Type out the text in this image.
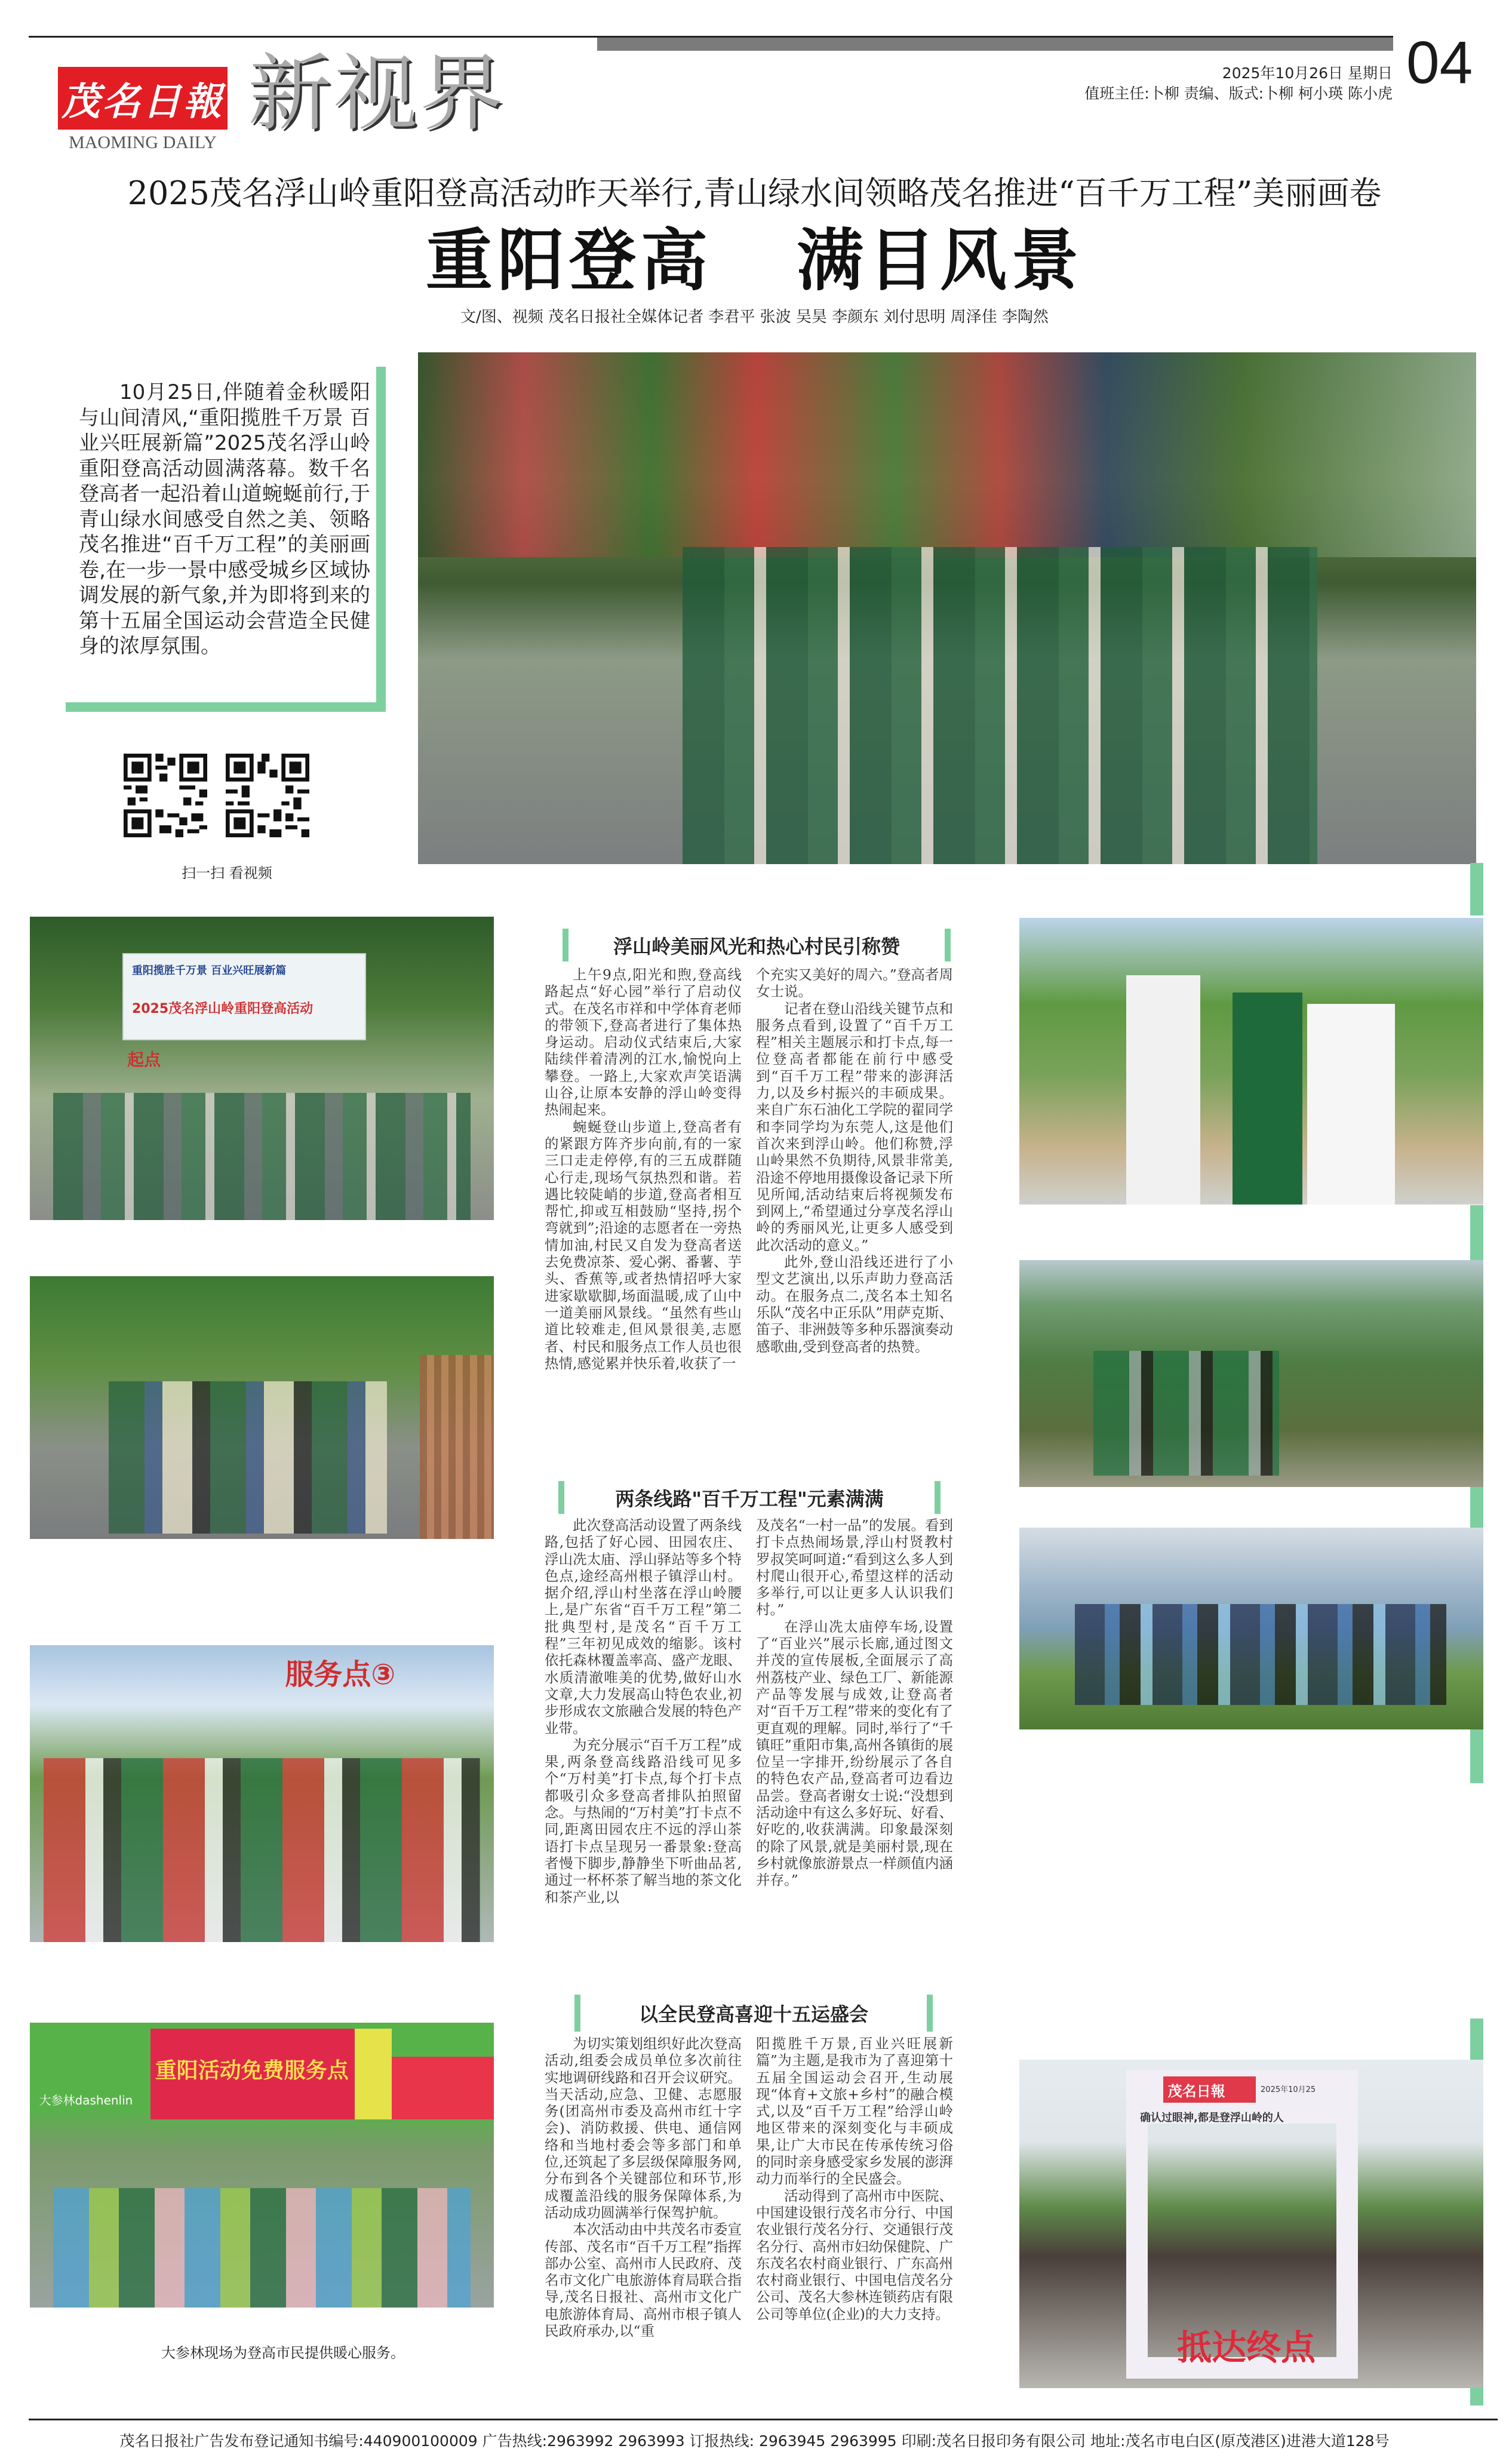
茂名日報
MAOMING DAILY 新视界	2025年10月26日 星期日
值班主任:卜柳 责编、版式:卜柳 柯小瑛 陈小虎 04
2025茂名浮山岭重阳登高活动昨天举行,青山绿水间领略茂名推进“百千万工程”美丽画卷
重阳登高   满目风景
文/图、视频 茂名日报社全媒体记者 李君平 张波 吴昊 李颜东 刘付思明 周泽佳 李陶然
10月25日,伴随着金秋暖阳与山间清风,“重阳揽胜千万景 百业兴旺展新篇”2025茂名浮山岭重阳登高活动圆满落幕。数千名登高者一起沿着山道蜿蜒前行,于青山绿水间感受自然之美、领略茂名推进“百千万工程”的美丽画卷,在一步一景中感受城乡区域协调发展的新气象,并为即将到来的第十五届全国运动会营造全民健身的浓厚氛围。
扫一扫 看视频
重阳揽胜千万景 百业兴旺展新篇
2025茂名浮山岭重阳登高活动
起点
服务点③
大参林dashenlin
重阳活动免费服务点
大参林现场为登高市民提供暖心服务。
茂名日報	2025年10月25
确认过眼神,都是登浮山岭的人
抵达终点
浮山岭美丽风光和热心村民引称赞

上午9点,阳光和煦,登高线路起点“好心园”举行了启动仪式。在茂名市祥和中学体育老师的带领下,登高者进行了集体热身运动。启动仪式结束后,大家陆续伴着清冽的江水,愉悦向上攀登。一路上,大家欢声笑语满山谷,让原本安静的浮山岭变得热闹起来。

蜿蜒登山步道上,登高者有的紧跟方阵齐步向前,有的一家三口走走停停,有的三五成群随心行走,现场气氛热烈和谐。若遇比较陡峭的步道,登高者相互帮忙,抑或互相鼓励“坚持,拐个弯就到”;沿途的志愿者在一旁热情加油,村民又自发为登高者送去免费凉茶、爱心粥、番薯、芋头、香蕉等,或者热情招呼大家进家歇歇脚,场面温暖,成了山中一道美丽风景线。“虽然有些山道比较难走,但风景很美,志愿者、村民和服务点工作人员也很热情,感觉累并快乐着,收获了一

个充实又美好的周六。”登高者周女士说。

记者在登山沿线关键节点和服务点看到,设置了“百千万工程”相关主题展示和打卡点,每一位登高者都能在前行中感受到“百千万工程”带来的澎湃活力,以及乡村振兴的丰硕成果。来自广东石油化工学院的翟同学和李同学均为东莞人,这是他们首次来到浮山岭。他们称赞,浮山岭果然不负期待,风景非常美,沿途不停地用摄像设备记录下所见所闻,活动结束后将视频发布到网上,“希望通过分享茂名浮山岭的秀丽风光,让更多人感受到此次活动的意义。”

此外,登山沿线还进行了小型文艺演出,以乐声助力登高活动。在服务点二,茂名本土知名乐队“茂名中正乐队”用萨克斯、笛子、非洲鼓等多种乐器演奏动感歌曲,受到登高者的热赞。

两条线路"百千万工程"元素满满

此次登高活动设置了两条线路,包括了好心园、田园农庄、浮山冼太庙、浮山驿站等多个特色点,途经高州根子镇浮山村。据介绍,浮山村坐落在浮山岭腰上,是广东省“百千万工程”第二批典型村,是茂名“百千万工程”三年初见成效的缩影。该村依托森林覆盖率高、盛产龙眼、水质清澈唯美的优势,做好山水文章,大力发展高山特色农业,初步形成农文旅融合发展的特色产业带。

为充分展示“百千万工程”成果,两条登高线路沿线可见多个“万村美”打卡点,每个打卡点都吸引众多登高者排队拍照留念。与热闹的“万村美”打卡点不同,距离田园农庄不远的浮山茶语打卡点呈现另一番景象:登高者慢下脚步,静静坐下听曲品茗,通过一杯杯茶了解当地的茶文化和茶产业,以

及茂名“一村一品”的发展。看到打卡点热闹场景,浮山村贤教村罗叔笑呵呵道:“看到这么多人到村爬山很开心,希望这样的活动多举行,可以让更多人认识我们村。”

在浮山冼太庙停车场,设置了“百业兴”展示长廊,通过图文并茂的宣传展板,全面展示了高州荔枝产业、绿色工厂、新能源产品等发展与成效,让登高者对“百千万工程”带来的变化有了更直观的理解。同时,举行了“千镇旺”重阳市集,高州各镇街的展位呈一字排开,纷纷展示了各自的特色农产品,登高者可边看边品尝。登高者谢女士说:“没想到活动途中有这么多好玩、好看、好吃的,收获满满。印象最深刻的除了风景,就是美丽村景,现在乡村就像旅游景点一样颜值内涵并存。”

以全民登高喜迎十五运盛会

为切实策划组织好此次登高活动,组委会成员单位多次前往实地调研线路和召开会议研究。当天活动,应急、卫健、志愿服务(团高州市委及高州市红十字会)、消防救援、供电、通信网络和当地村委会等多部门和单位,还筑起了多层级保障服务网,分布到各个关键部位和环节,形成覆盖沿线的服务保障体系,为活动成功圆满举行保驾护航。

本次活动由中共茂名市委宣传部、茂名市“百千万工程”指挥部办公室、高州市人民政府、茂名市文化广电旅游体育局联合指导,茂名日报社、高州市文化广电旅游体育局、高州市根子镇人民政府承办,以“重

阳揽胜千万景,百业兴旺展新篇”为主题,是我市为了喜迎第十五届全国运动会召开,生动展现“体育+文旅+乡村”的融合模式,以及“百千万工程”给浮山岭地区带来的深刻变化与丰硕成果,让广大市民在传承传统习俗的同时亲身感受家乡发展的澎湃动力而举行的全民盛会。

活动得到了高州市中医院、中国建设银行茂名市分行、中国农业银行茂名分行、交通银行茂名分行、高州市妇幼保健院、广东茂名农村商业银行、广东高州农村商业银行、中国电信茂名分公司、茂名大参林连锁药店有限公司等单位(企业)的大力支持。

茂名日报社广告发布登记通知书编号:440900100009 广告热线:2963992 2963993 订报热线: 2963945 2963995 印刷:茂名日报印务有限公司 地址:茂名市电白区(原茂港区)进港大道128号
